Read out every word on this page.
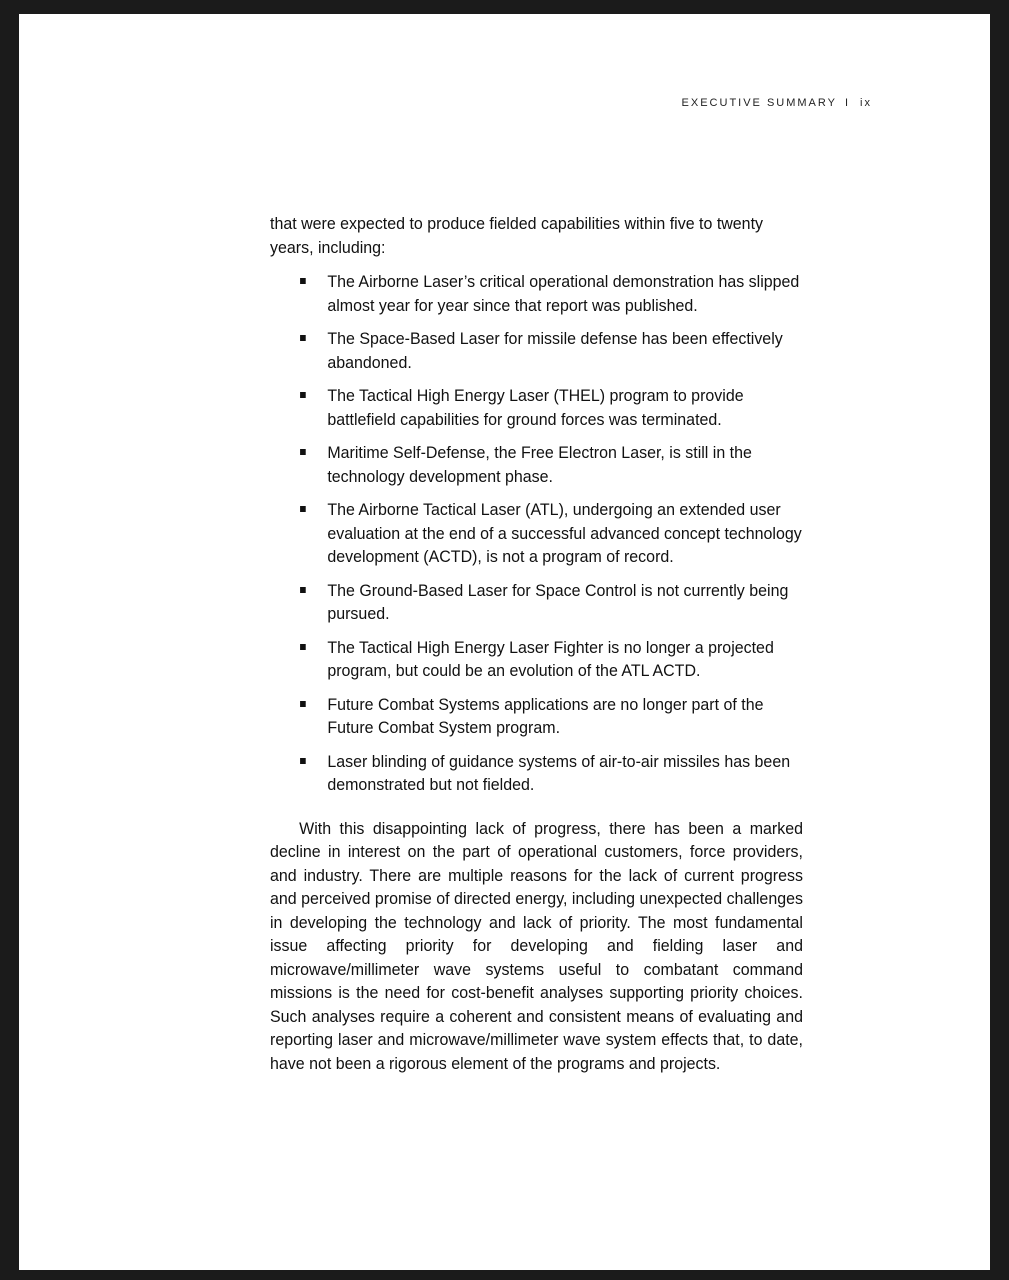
EXECUTIVE SUMMARY I ix

that were expected to produce fielded capabilities within five to twenty years, including:

The Airborne Laser’s critical operational demonstration has slipped almost year for year since that report was published.
The Space-Based Laser for missile defense has been effectively abandoned.
The Tactical High Energy Laser (THEL) program to provide battlefield capabilities for ground forces was terminated.
Maritime Self-Defense, the Free Electron Laser, is still in the technology development phase.
The Airborne Tactical Laser (ATL), undergoing an extended user evaluation at the end of a successful advanced concept technology development (ACTD), is not a program of record.
The Ground-Based Laser for Space Control is not currently being pursued.
The Tactical High Energy Laser Fighter is no longer a projected program, but could be an evolution of the ATL ACTD.
Future Combat Systems applications are no longer part of the Future Combat System program.
Laser blinding of guidance systems of air-to-air missiles has been demonstrated but not fielded.

With this disappointing lack of progress, there has been a marked decline in interest on the part of operational customers, force providers, and industry. There are multiple reasons for the lack of current progress and perceived promise of directed energy, including unexpected challenges in developing the technology and lack of priority. The most fundamental issue affecting priority for developing and fielding laser and microwave/millimeter wave systems useful to combatant command missions is the need for cost-benefit analyses supporting priority choices. Such analyses require a coherent and consistent means of evaluating and reporting laser and microwave/millimeter wave system effects that, to date, have not been a rigorous element of the programs and projects.
